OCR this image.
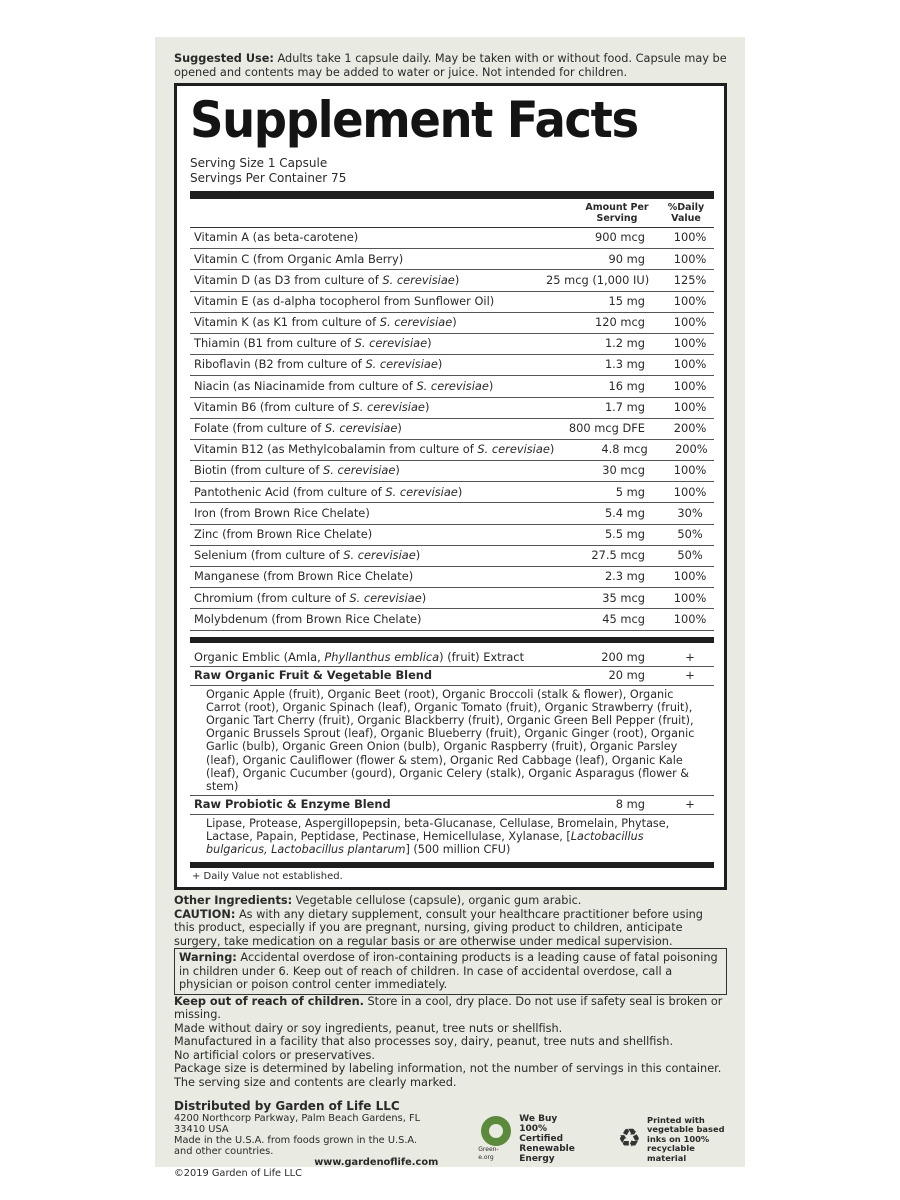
Suggested Use: Adults take 1 capsule daily. May be taken with or without food. Capsule may be opened and contents may be added to water or juice. Not intended for children.

Supplement Facts
Serving Size 1 Capsule
Servings Per Container 75
Amount Per Serving
%Daily Value
Vitamin A (as beta-carotene)	900 mcg	100%
Vitamin C (from Organic Amla Berry)	90 mg	100%
Vitamin D (as D3 from culture of S. cerevisiae)	25 mcg (1,000 IU)	125%
Vitamin E (as d-alpha tocopherol from Sunflower Oil)	15 mg	100%
Vitamin K (as K1 from culture of S. cerevisiae)	120 mcg	100%
Thiamin (B1 from culture of S. cerevisiae)	1.2 mg	100%
Riboflavin (B2 from culture of S. cerevisiae)	1.3 mg	100%
Niacin (as Niacinamide from culture of S. cerevisiae)	16 mg	100%
Vitamin B6 (from culture of S. cerevisiae)	1.7 mg	100%
Folate (from culture of S. cerevisiae)	800 mcg DFE	200%
Vitamin B12 (as Methylcobalamin from culture of S. cerevisiae)	4.8 mcg	200%
Biotin (from culture of S. cerevisiae)	30 mcg	100%
Pantothenic Acid (from culture of S. cerevisiae)	5 mg	100%
Iron (from Brown Rice Chelate)	5.4 mg	30%
Zinc (from Brown Rice Chelate)	5.5 mg	50%
Selenium (from culture of S. cerevisiae)	27.5 mcg	50%
Manganese (from Brown Rice Chelate)	2.3 mg	100%
Chromium (from culture of S. cerevisiae)	35 mcg	100%
Molybdenum (from Brown Rice Chelate)	45 mcg	100%
Organic Emblic (Amla, Phyllanthus emblica) (fruit) Extract	200 mg	+
Raw Organic Fruit & Vegetable Blend	20 mg	+
Organic Apple (fruit), Organic Beet (root), Organic Broccoli (stalk & flower), Organic Carrot (root), Organic Spinach (leaf), Organic Tomato (fruit), Organic Strawberry (fruit), Organic Tart Cherry (fruit), Organic Blackberry (fruit), Organic Green Bell Pepper (fruit), Organic Brussels Sprout (leaf), Organic Blueberry (fruit), Organic Ginger (root), Organic Garlic (bulb), Organic Green Onion (bulb), Organic Raspberry (fruit), Organic Parsley (leaf), Organic Cauliflower (flower & stem), Organic Red Cabbage (leaf), Organic Kale (leaf), Organic Cucumber (gourd), Organic Celery (stalk), Organic Asparagus (flower & stem)
Raw Probiotic & Enzyme Blend	8 mg	+
Lipase, Protease, Aspergillopepsin, beta-Glucanase, Cellulase, Bromelain, Phytase, Lactase, Papain, Peptidase, Pectinase, Hemicellulase, Xylanase, [Lactobacillus bulgaricus, Lactobacillus plantarum] (500 million CFU)
+ Daily Value not established.

Other Ingredients: Vegetable cellulose (capsule), organic gum arabic.

CAUTION: As with any dietary supplement, consult your healthcare practitioner before using this product, especially if you are pregnant, nursing, giving product to children, anticipate surgery, take medication on a regular basis or are otherwise under medical supervision.

Warning: Accidental overdose of iron-containing products is a leading cause of fatal poisoning in children under 6. Keep out of reach of children. In case of accidental overdose, call a physician or poison control center immediately.

Keep out of reach of children. Store in a cool, dry place. Do not use if safety seal is broken or missing.

Made without dairy or soy ingredients, peanut, tree nuts or shellfish.

Manufactured in a facility that also processes soy, dairy, peanut, tree nuts and shellfish.

No artificial colors or preservatives.

Package size is determined by labeling information, not the number of servings in this container. The serving size and contents are clearly marked.

Distributed by Garden of Life LLC
4200 Northcorp Parkway, Palm Beach Gardens, FL 33410 USA
Made in the U.S.A. from foods grown in the U.S.A. and other countries.
www.gardenoflife.com
©2019 Garden of Life LLC
Green-e.org
We Buy 100% Certified Renewable Energy
♻
Printed with vegetable based inks on 100% recyclable material
